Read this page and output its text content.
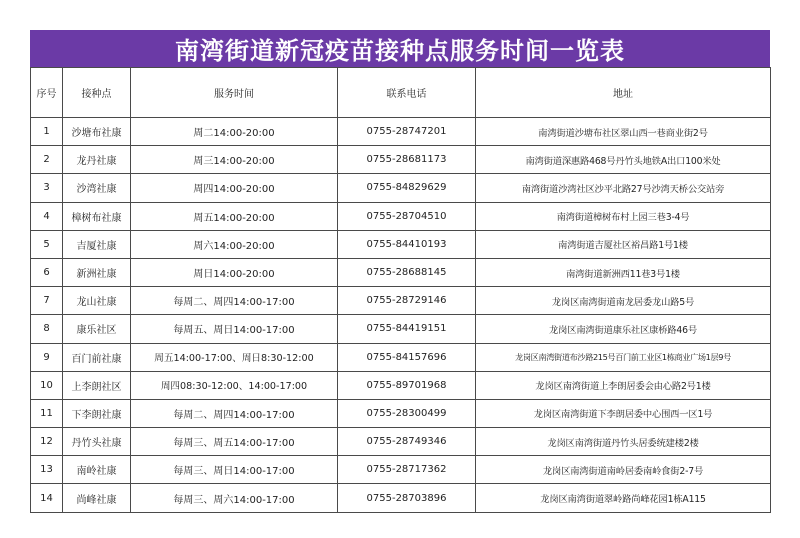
南湾街道新冠疫苗接种点服务时间一览表
序号	接种点	服务时间	联系电话	地址
1	沙塘布社康	周二14:00-20:00	0755-28747201	南湾街道沙塘布社区翠山西一巷商业街2号
2	龙丹社康	周三14:00-20:00	0755-28681173	南湾街道深惠路468号丹竹头地铁A出口100米处
3	沙湾社康	周四14:00-20:00	0755-84829629	南湾街道沙湾社区沙平北路27号沙湾天桥公交站旁
4	樟树布社康	周五14:00-20:00	0755-28704510	南湾街道樟树布村上园三巷3-4号
5	吉厦社康	周六14:00-20:00	0755-84410193	南湾街道吉厦社区裕昌路1号1楼
6	新洲社康	周日14:00-20:00	0755-28688145	南湾街道新洲西11巷3号1楼
7	龙山社康	每周二、周四14:00-17:00	0755-28729146	龙岗区南湾街道南龙居委龙山路5号
8	康乐社区	每周五、周日14:00-17:00	0755-84419151	龙岗区南湾街道康乐社区康桥路46号
9	百门前社康	周五14:00-17:00、周日8:30-12:00	0755-84157696	龙岗区南湾街道布沙路215号百门前工业区1栋商业广场1层9号
10	上李朗社区	周四08:30-12:00、14:00-17:00	0755-89701968	龙岗区南湾街道上李朗居委会由心路2号1楼
11	下李朗社康	每周二、周四14:00-17:00	0755-28300499	龙岗区南湾街道下李朗居委中心围西一区1号
12	丹竹头社康	每周三、周五14:00-17:00	0755-28749346	龙岗区南湾街道丹竹头居委统建楼2楼
13	南岭社康	每周三、周日14:00-17:00	0755-28717362	龙岗区南湾街道南岭居委南岭食街2-7号
14	尚峰社康	每周三、周六14:00-17:00	0755-28703896	龙岗区南湾街道翠岭路尚峰花园1栋A115
